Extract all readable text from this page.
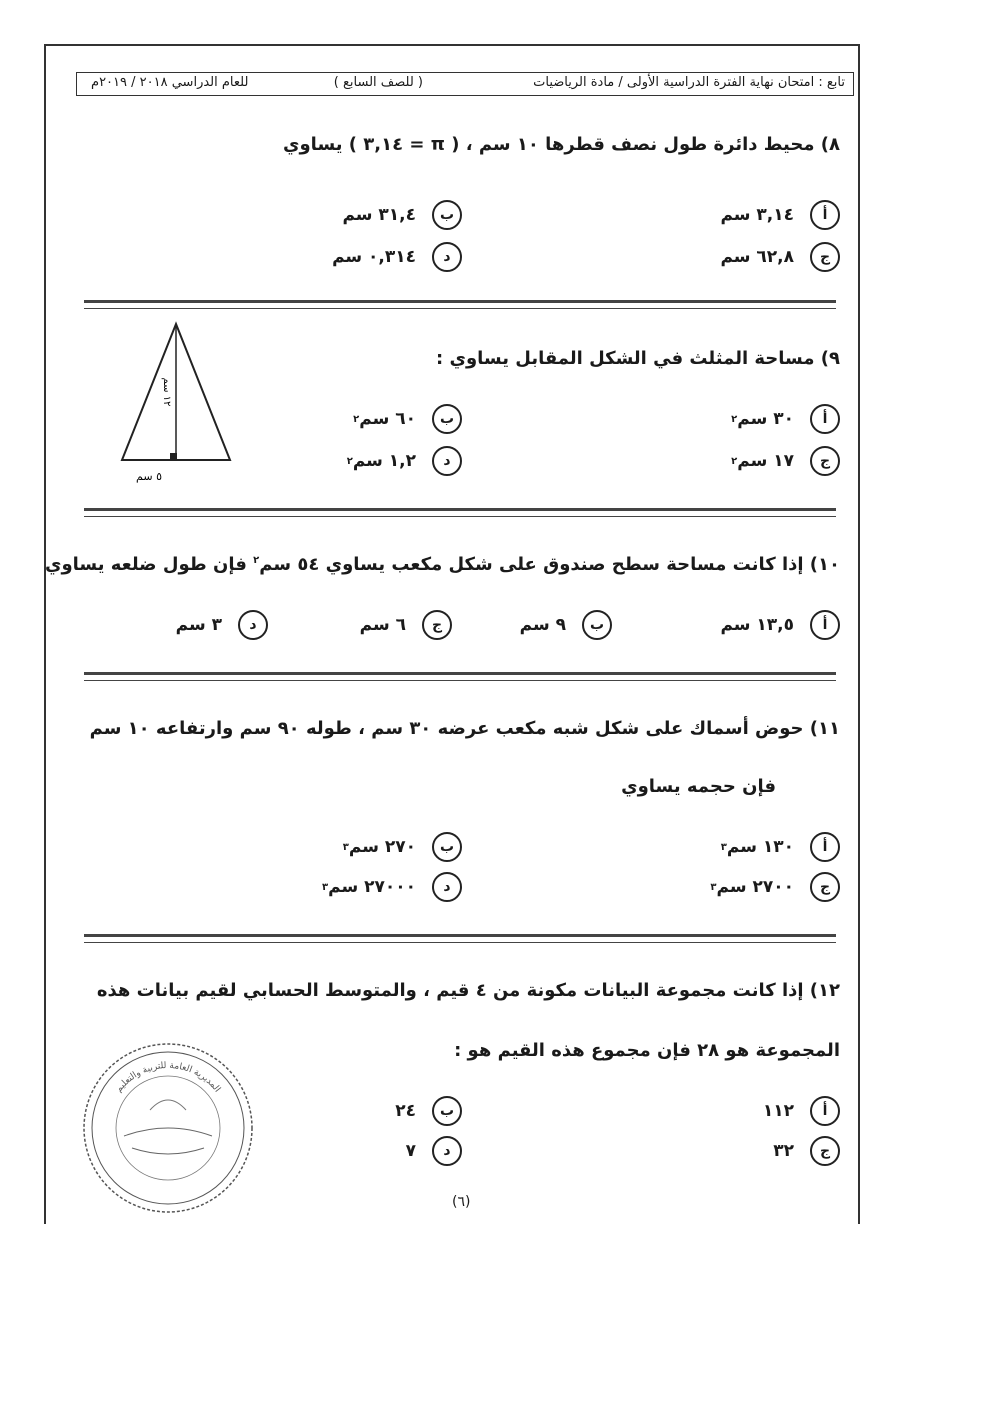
تابع : امتحان نهاية الفترة الدراسية الأولى / مادة الرياضيات
( للصف السابع )
للعام الدراسي ٢٠١٨ / ٢٠١٩م
٨) محيط دائرة طول نصف قطرها ١٠ سم ، ( π = ٣,١٤ ) يساوي
أ
٣,١٤ سم
ب
٣١,٤ سم
ج
٦٢,٨ سم
د
٠,٣١٤ سم
٩) مساحة المثلث في الشكل المقابل يساوي :
أ
٣٠ سم
٢
ب
٦٠ سم
٢
ج
١٧ سم
٢
د
١,٢ سم
٢
١٢ سم
٥ سم
١٠) إذا كانت مساحة سطح صندوق على شكل مكعب يساوي ٥٤ سم$^٢$ فإن طول ضلعه يساوي
أ
١٣,٥ سم
ب
٩ سم
ج
٦ سم
د
٣ سم
١١) حوض أسماك على شكل شبه مكعب عرضه ٣٠ سم ، طوله ٩٠ سم وارتفاعه ١٠ سم
فإن حجمه يساوي
أ
١٣٠ سم
٣
ب
٢٧٠ سم
٣
ج
٢٧٠٠ سم
٣
د
٢٧٠٠٠ سم
٣
١٢) إذا كانت مجموعة البيانات مكونة من ٤ قيم ، والمتوسط الحسابي لقيم بيانات هذه
المجموعة هو ٢٨ فإن مجموع هذه القيم هو :
أ
١١٢
ب
٢٤
ج
٣٢
د
٧
المديرية العامة للتربية والتعليم
(٦)
